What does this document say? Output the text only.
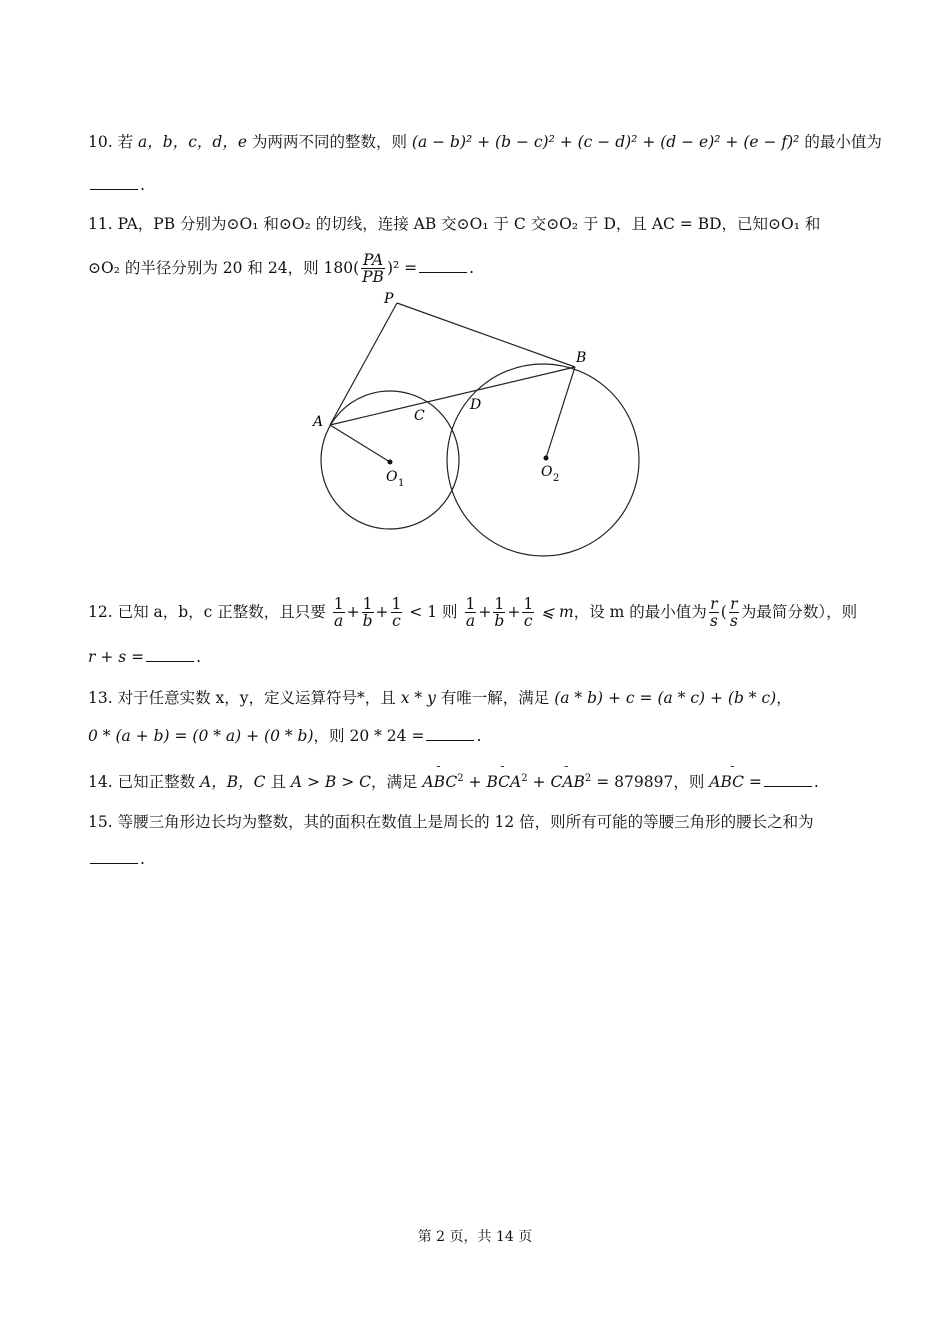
10. 若 a，b，c，d，e 为两两不同的整数，则 (a − b)² + (b − c)² + (c − d)² + (d − e)² + (e − f)² 的最小值为
.
11. PA，PB 分别为⊙O₁ 和⊙O₂ 的切线，连接 AB 交⊙O₁ 于 C 交⊙O₂ 于 D，且 AC = BD，已知⊙O₁ 和
⊙O₂ 的半径分别为 20 和 24，则 $180( \frac{PA}{PB} )^2$ =	.
P
B
A	C
D
O 1
O 2
12. 已知 a，b，c 正整数，且只要 $\frac{1}{a} + \frac{1}{b} + \frac{1}{c} < 1$ 则 $\frac{1}{a} + \frac{1}{b} + \frac{1}{c}$ ⩽ m，设 m 的最小值为 $\frac{r}{s}$ ( $\frac{r}{s}$ 为最简分数），则
r + s =	.
13. 对于任意实数 x，y，定义运算符号*，且 x * y 有唯一解，满足 (a * b) + c = (a * c) + (b * c)，
0 * (a + b) = (0 * a) + (0 * b)，则 20 * 24 =	.
14. 已知正整数 A，B，C 且 A > B > C，满足 - $ABC^2$ + - $BCA^2$ + - $CAB^2 = 879897$，则 - ABC =	.
15. 等腰三角形边长均为整数，其的面积在数值上是周长的 12 倍，则所有可能的等腰三角形的腰长之和为
.
第 2 页，共 14 页
